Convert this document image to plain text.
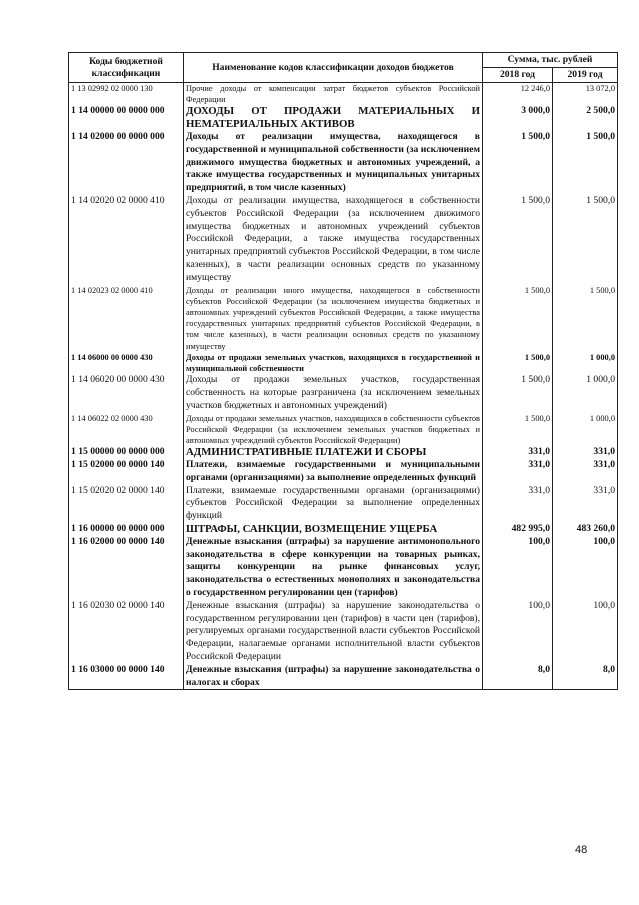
Коды бюджетной классификации	Наименование кодов классификации доходов бюджетов	Сумма, тыс. рублей	
		2018 год	2019 год
1 13 02992 02 0000 130	Прочие доходы от компенсации затрат бюджетов субъектов Российской Федерации	12 246,0	13 072,0
1 14 00000 00 0000 000	ДОХОДЫ ОТ ПРОДАЖИ МАТЕРИАЛЬНЫХ И НЕМАТЕРИАЛЬНЫХ АКТИВОВ	3 000,0	2 500,0
1 14 02000 00 0000 000	Доходы от реализации имущества, находящегося в государственной и муниципальной собственности (за исключением движимого имущества бюджетных и автономных учреждений, а также имущества государственных и муниципальных унитарных предприятий, в том числе казенных)	1 500,0	1 500,0
1 14 02020 02 0000 410	Доходы от реализации имущества, находящегося в собственности субъектов Российской Федерации (за исключением движимого имущества бюджетных и автономных учреждений субъектов Российской Федерации, а также имущества государственных унитарных предприятий субъектов Российской Федерации, в том числе казенных), в части реализации основных средств по указанному имуществу	1 500,0	1 500,0
1 14 02023 02 0000 410	Доходы от реализации иного имущества, находящегося в собственности субъектов Российской Федерации (за исключением имущества бюджетных и автономных учреждений субъектов Российской Федерации, а также имущества государственных унитарных предприятий субъектов Российской Федерации, в том числе казенных), в части реализации основных средств по указанному имуществу	1 500,0	1 500,0
1 14 06000 00 0000 430	Доходы от продажи земельных участков, находящихся в государственной и муниципальной собственности	1 500,0	1 000,0
1 14 06020 00 0000 430	Доходы от продажи земельных участков, государственная собственность на которые разграничена (за исключением земельных участков бюджетных и автономных учреждений)	1 500,0	1 000,0
1 14 06022 02 0000 430	Доходы от продажи земельных участков, находящихся в собственности субъектов Российской Федерации (за исключением земельных участков бюджетных и автономных учреждений субъектов Российской Федерации)	1 500,0	1 000,0
1 15 00000 00 0000 000	АДМИНИСТРАТИВНЫЕ ПЛАТЕЖИ И СБОРЫ	331,0	331,0
1 15 02000 00 0000 140	Платежи, взимаемые государственными и муниципальными органами (организациями) за выполнение определенных функций	331,0	331,0
1 15 02020 02 0000 140	Платежи, взимаемые государственными органами (организациями) субъектов Российской Федерации за выполнение определенных функций	331,0	331,0
1 16 00000 00 0000 000	ШТРАФЫ, САНКЦИИ, ВОЗМЕЩЕНИЕ УЩЕРБА	482 995,0	483 260,0
1 16 02000 00 0000 140	Денежные взыскания (штрафы) за нарушение антимонопольного законодательства в сфере конкуренции на товарных рынках, защиты конкуренции на рынке финансовых услуг, законодательства о естественных монополиях и законодательства о государственном регулировании цен (тарифов)	100,0	100,0
1 16 02030 02 0000 140	Денежные взыскания (штрафы) за нарушение законодательства о государственном регулировании цен (тарифов) в части цен (тарифов), регулируемых органами государственной власти субъектов Российской Федерации, налагаемые органами исполнительной власти субъектов Российской Федерации	100,0	100,0
1 16 03000 00 0000 140	Денежные взыскания (штрафы) за нарушение законодательства о налогах и сборах	8,0	8,0
48
